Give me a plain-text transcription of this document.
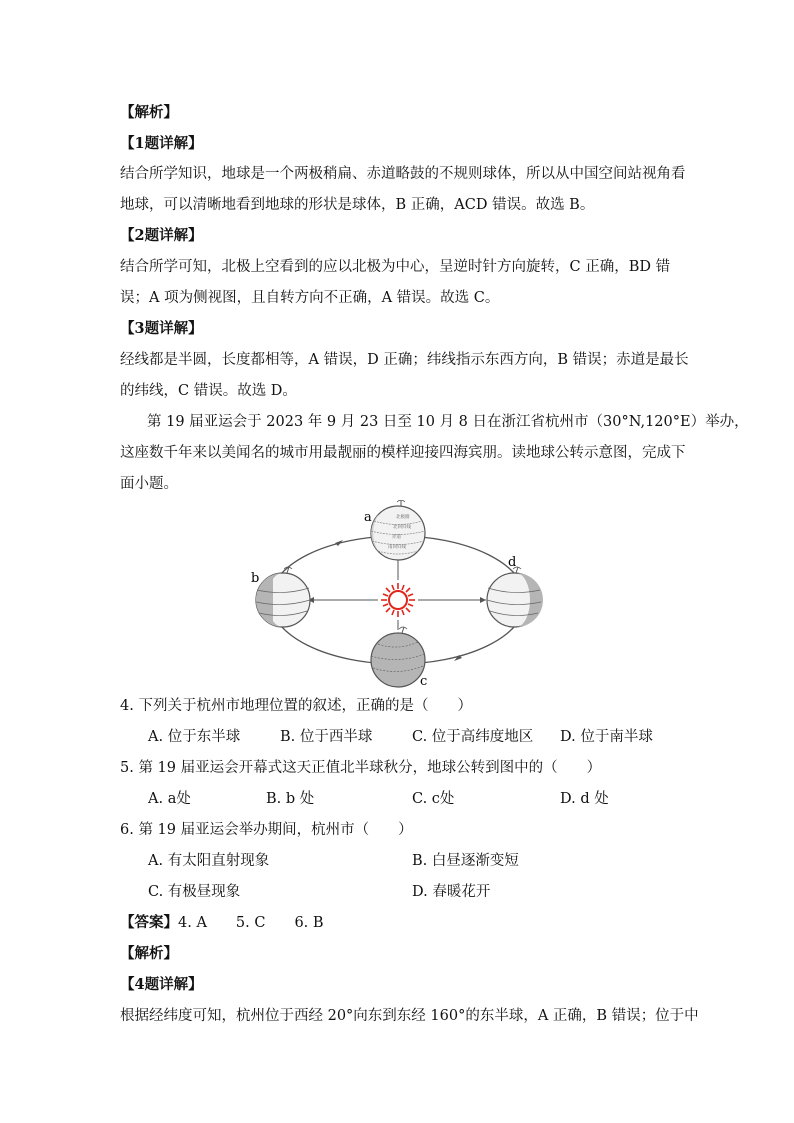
【解析】
【1题详解】
结合所学知识，地球是一个两极稍扁、赤道略鼓的不规则球体，所以从中国空间站视角看
地球，可以清晰地看到地球的形状是球体，B 正确，ACD 错误。故选 B。
【2题详解】
结合所学可知，北极上空看到的应以北极为中心，呈逆时针方向旋转，C 正确，BD 错
误；A 项为侧视图，且自转方向不正确，A 错误。故选 C。
【3题详解】
经线都是半圆，长度都相等，A 错误，D 正确；纬线指示东西方向，B 错误；赤道是最长
的纬线，C 错误。故选 D。
第 19 届亚运会于 2023 年 9 月 23 日至 10 月 8 日在浙江省杭州市（30°N,120°E）举办，
这座数千年来以美闻名的城市用最靓丽的模样迎接四海宾朋。读地球公转示意图，完成下
面小题。
北极圈
北回归线
赤道
南回归线
a
b
d
c
4. 下列关于杭州市地理位置的叙述，正确的是（　　）
A. 位于东半球	B. 位于西半球	C. 位于高纬度地区 D. 位于南半球
5. 第 19 届亚运会开幕式这天正值北半球秋分，地球公转到图中的（　　）
A. a处	B. b 处	C. c处	D. d 处
6. 第 19 届亚运会举办期间，杭州市（　　）
A. 有太阳直射现象	B. 白昼逐渐变短
C. 有极昼现象	D. 春暖花开
【答案】4. A　　5. C　　6. B
【解析】
【4题详解】
根据经纬度可知，杭州位于西经 20°向东到东经 160°的东半球，A 正确，B 错误；位于中
